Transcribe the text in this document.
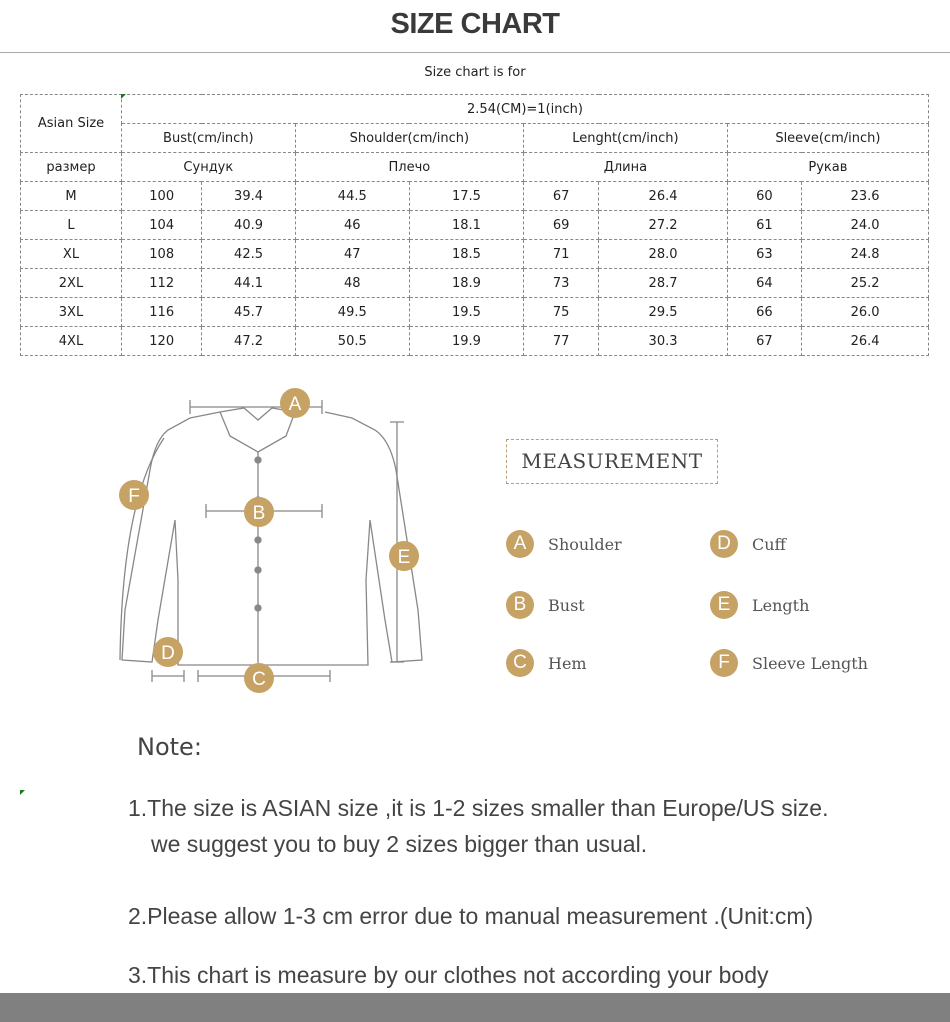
SIZE CHART
Size chart is for
Asian Size	2.54(CM)=1(inch)							
	Bust(cm/inch)		Shoulder(cm/inch)		Lenght(cm/inch)		Sleeve(cm/inch)	
размер	Сундук		Плечо		Длина		Рукав	
M	100	39.4	44.5	17.5	67	26.4	60	23.6
L	104	40.9	46	18.1	69	27.2	61	24.0
XL	108	42.5	47	18.5	71	28.0	63	24.8
2XL	112	44.1	48	18.9	73	28.7	64	25.2
3XL	116	45.7	49.5	19.5	75	29.5	66	26.0
4XL	120	47.2	50.5	19.9	77	30.3	67	26.4
A
B
C
D
E
F
MEASUREMENT
A	Shoulder	D	Cuff
B	Bust	E	Length
C	Hem	F	Sleeve Length
Note:
1.The size is ASIAN size ,it is 1-2 sizes smaller than Europe/US size.
we suggest you to buy 2 sizes bigger than usual.
2.Please allow 1-3 cm error due to manual measurement .(Unit:cm)
3.This chart is measure by our clothes not according your body
